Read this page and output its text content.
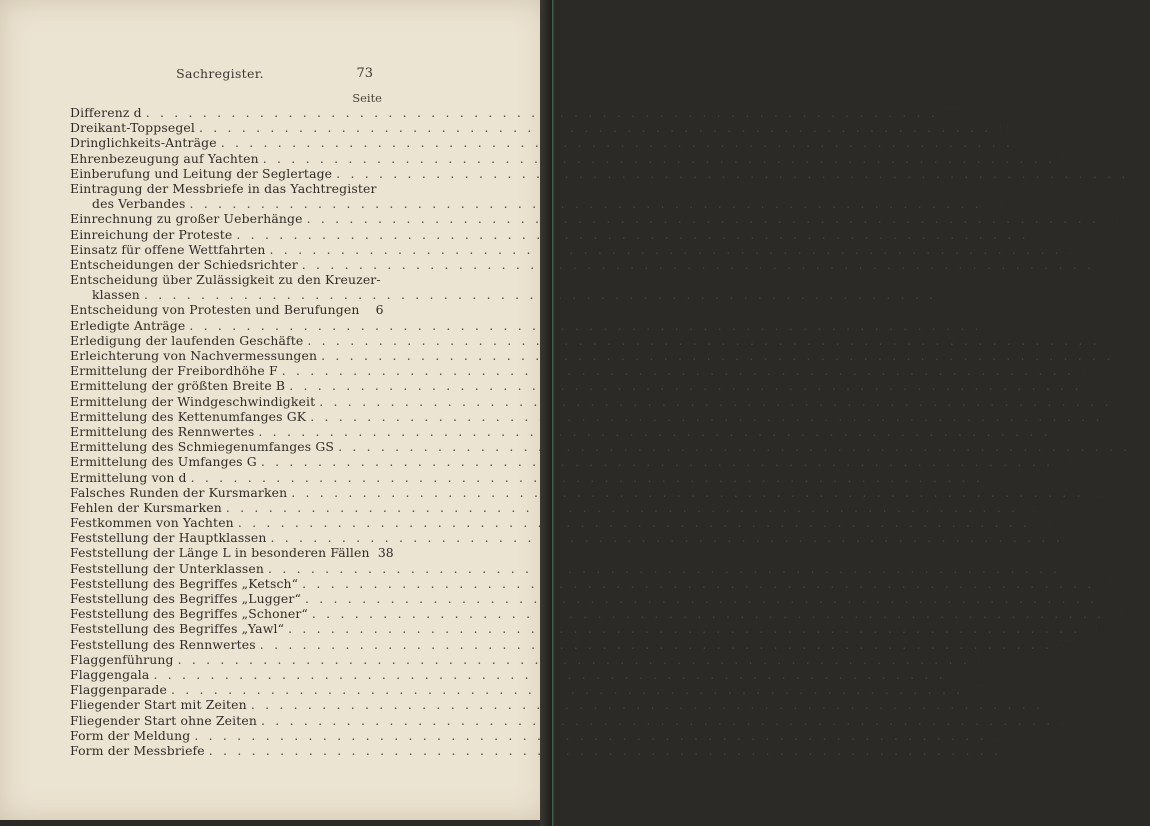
Sachregister.	73
Seite
Differenz d . . .	57
Dreikant-Toppsegel . . .	41
Dringlichkeits-Anträge . . .	14
Ehrenbezeugung auf Yachten . . .	18
Einberufung und Leitung der Seglertage . . .	7
Eintragung der Messbriefe in das Yachtregister
des Verbandes . . .	10
Einrechnung zu großer Ueberhänge . . .	39
Einreichung der Proteste . . .	34
Einsatz für offene Wettfahrten . . .	21
Entscheidungen der Schiedsrichter . . .	26
Entscheidung über Zulässigkeit zu den Kreuzer-
klassen . . .	6
Entscheidung von Protesten und Berufungen	6
Erledigte Anträge . . .	14
Erledigung der laufenden Geschäfte . . .	4
Erleichterung von Nachvermessungen . . .	56
Ermittelung der Freibordhöhe F . . .	40
Ermittelung der größten Breite B . . .	39
Ermittelung der Windgeschwindigkeit . . .	62
Ermittelung des Kettenumfanges GK . . .	39
Ermittelung des Rennwertes . . .	38
Ermittelung des Schmiegenumfanges GS . . .	39
Ermittelung des Umfanges G . . .	39
Ermittelung von d . . .	40
Falsches Runden der Kursmarken . . .	32
Fehlen der Kursmarken . . .	32
Festkommen von Yachten . . .	30
Feststellung der Hauptklassen . . .	58
Feststellung der Länge L in besonderen Fällen 38
Feststellung der Unterklassen . . .	58
Feststellung des Begriffes „Ketsch“ . . .	61
Feststellung des Begriffes „Lugger“ . . .	61
Feststellung des Begriffes „Schoner“ . . .	61
Feststellung des Begriffes „Yawl“ . . .	61
Feststellung des Rennwertes . . .	57
Flaggenführung . . .	16
Flaggengala . . .	17
Flaggenparade . . .	17
Fliegender Start mit Zeiten . . .	28
Fliegender Start ohne Zeiten . . .	28
Form der Meldung . . .	20
Form der Messbriefe . . .	44
